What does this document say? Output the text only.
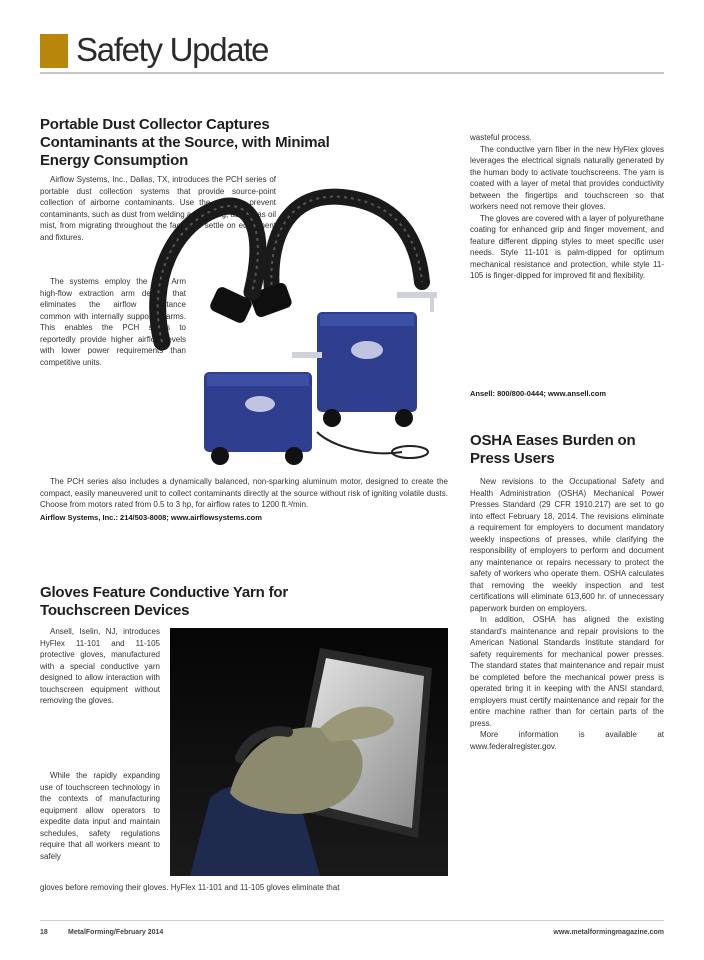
Safety Update
Portable Dust Collector Captures Contaminants at the Source, with Minimal Energy Consumption

Airflow Systems, Inc., Dallas, TX, introduces the PCH series of portable dust collection systems that provide source-point collection of airborne contaminants. Use the units to prevent contaminants, such as dust from welding and cutting, as well as oil mist, from migrating throughout the facility to settle on equipment and fixtures.

The systems employ the E-Z Arm high-flow extraction arm design that eliminates the airflow resistance common with internally supported arms. This enables the PCH series to reportedly provide higher airflow levels with lower power requirements than competitive units.

The PCH series also includes a dynamically balanced, non-sparking aluminum motor, designed to create the compact, easily maneuvered unit to collect contaminants directly at the source without risk of igniting volatile dusts. Choose from motors rated from 0.5 to 3 hp, for airflow rates to 1200 ft.³/min.

Airflow Systems, Inc.: 214/503-8008; www.airflowsystems.com
Gloves Feature Conductive Yarn for Touchscreen Devices

Ansell, Iselin, NJ, introduces HyFlex 11-101 and 11-105 protective gloves, manufactured with a special conductive yarn designed to allow interaction with touchscreen equipment without removing the gloves.

While the rapidly expanding use of touchscreen technology in the contexts of manufacturing equipment allow operators to expedite data input and maintain schedules, safety regulations require that all workers meant to safely

gloves before removing their gloves. HyFlex 11-101 and 11-105 gloves eliminate that

wasteful process.

The conductive yarn fiber in the new HyFlex gloves leverages the electrical signals naturally generated by the human body to activate touchscreens. The yarn is coated with a layer of metal that provides conductivity between the fingertips and touchscreen so that workers need not remove their gloves.

The gloves are covered with a layer of polyurethane coating for enhanced grip and finger movement, and feature different dipping styles to meet specific user needs. Style 11-101 is palm-dipped for optimum mechanical resistance and protection, while style 11-105 is finger-dipped for improved fit and flexibility.

Ansell: 800/800-0444; www.ansell.com
OSHA Eases Burden on Press Users

New revisions to the Occupational Safety and Health Administration (OSHA) Mechanical Power Presses Standard (29 CFR 1910.217) are set to go into effect February 18, 2014. The revisions eliminate a requirement for employers to document mandatory weekly inspections of presses, while clarifying the responsibility of employers to perform and document any maintenance or repairs necessary to protect the safety of workers who operate them. OSHA calculates that removing the weekly inspection and test certifications will eliminate 613,600 hr. of unnecessary paperwork burden on employers.

In addition, OSHA has aligned the existing standard's maintenance and repair provisions to the American National Standards Institute standard for safety requirements for mechanical power presses. The standard states that maintenance and repair must be completed before the mechanical power press is operated bring it in keeping with the ANSI standard, employers must certify maintenance and repair for the entire machine rather than for certain parts of the press.

More information is available at www.federalregister.gov.

18	MetalForming/February 2014	www.metalformingmagazine.com
